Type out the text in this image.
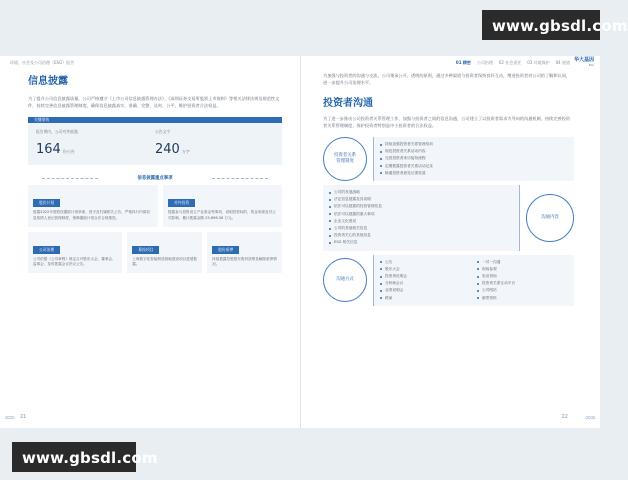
www.gbsdl.com
环境、社会及公司治理（ESG）报告
信息披露

为了提升公司信息披露质量，公司严格遵守《上市公司信息披露管理办法》、《深圳证券交易所股票上市规则》等相关法律法规及规范性文件，持续完善信息披露管理制度，确保信息披露真实、准确、完整、及时、公平，维护投资者合法权益。

关键绩效
报告期内，公司对外披露
164 份公告
公告文字
240 万字
信息披露重点事项
股份计划

披露2022年度股权激励计划草案、授予及归属相关公告，严格执行内幕信息知情人登记管理制度，保障激励计划合法合规推进。

对外投资

披露参与投资设立产业基金等事项，说明投资标的、资金来源及对公司影响，累计披露金额 25,698.56 万元。

公司治理

公司依据《公司章程》规定召开股东大会、董事会、监事会，及时披露会议决议公告。

募投项目

上海数字化智能制造基地建设项目进展披露。

股份质押

持续披露控股股东股份质押及解除质押情况。

∞∞ 21
01 精密 公司治理 02 社会责任 03 环境保护 04 展望 华大基因
BGI

为加强与投资者的沟通与交流，公司秉承公开、透明的原则，通过多种渠道与投资者保持良好互动，增进投资者对公司的了解和认同，进一步提升公司治理水平。

投资者沟通

为了进一步推动公司投资者关系管理工作，加强与投资者之间的信息沟通，公司建立了以投资者需求为导向的沟通机制，持续完善投资者关系管理制度，保护投资者特别是中小投资者的合法权益。

投资者关系
管理制度
持续加强投资者关系管理培训
规范投资者关系活动内容
完善投资者来访接待流程
定期披露投资者关系活动记录
畅通投资者意见反馈渠道
公司的发展战略
法定信息披露及其说明
依法可以披露的经营管理信息
依法可以披露的重大事项
企业文化建设
公司的其他相关信息
投资者关心的其他信息
ESG 相关信息
沟通内容
沟通方式
公告
股东大会
投资者说明会
分析师会议
业绩说明会
路演
一对一沟通
现场参观
电话咨询
投资者关系互动平台
公司网站
邮寄资料
∞∞
22
www.gbsdl.com
